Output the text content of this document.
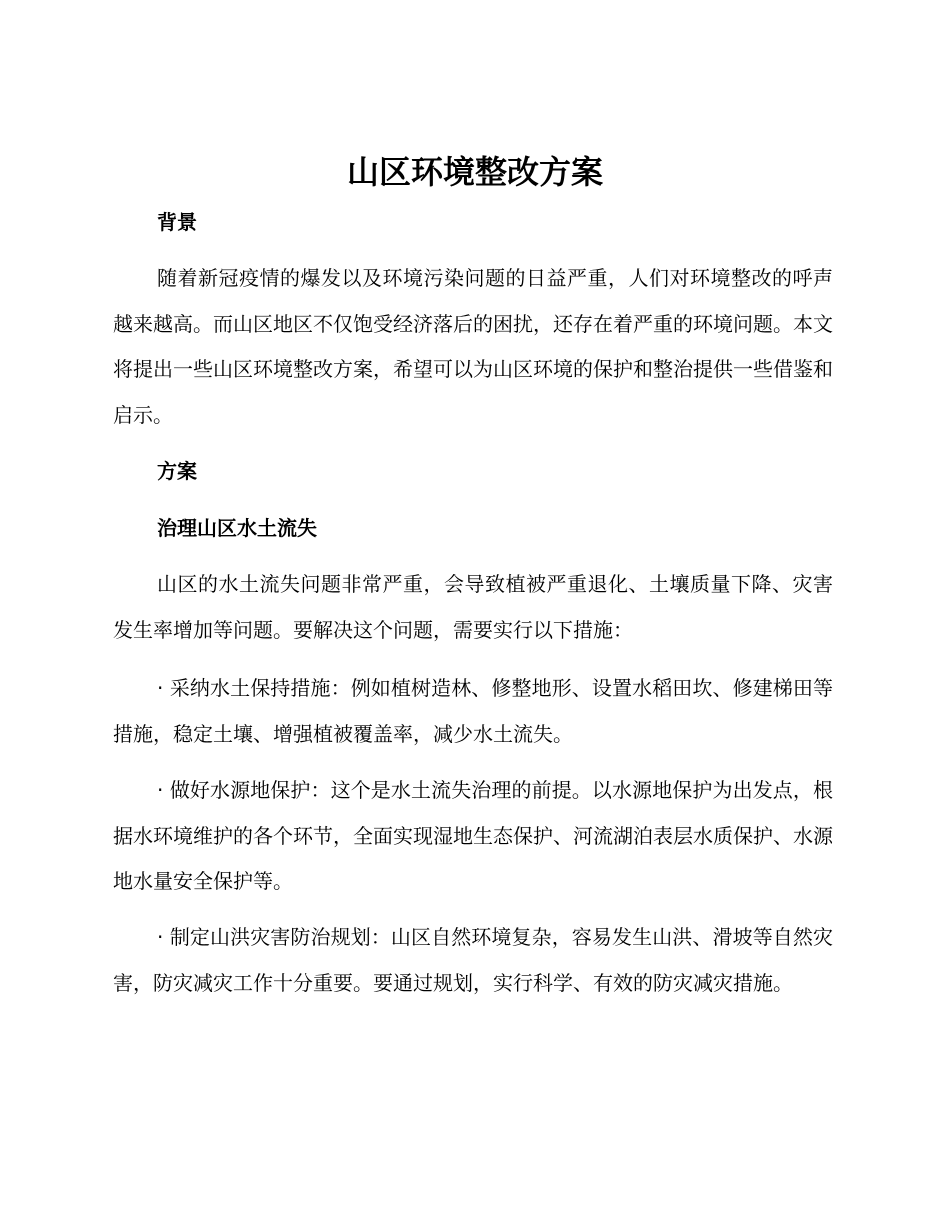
山区环境整改方案
背景
随着新冠疫情的爆发以及环境污染问题的日益严重，人们对环境整改的呼声越来越高。而山区地区不仅饱受经济落后的困扰，还存在着严重的环境问题。本文将提出一些山区环境整改方案，希望可以为山区环境的保护和整治提供一些借鉴和启示。
方案
治理山区水土流失
山区的水土流失问题非常严重，会导致植被严重退化、土壤质量下降、灾害发生率增加等问题。要解决这个问题，需要实行以下措施：
· 采纳水土保持措施：例如植树造林、修整地形、设置水稻田坎、修建梯田等措施，稳定土壤、增强植被覆盖率，减少水土流失。
· 做好水源地保护：这个是水土流失治理的前提。以水源地保护为出发点，根据水环境维护的各个环节，全面实现湿地生态保护、河流湖泊表层水质保护、水源地水量安全保护等。
· 制定山洪灾害防治规划：山区自然环境复杂，容易发生山洪、滑坡等自然灾害，防灾减灾工作十分重要。要通过规划，实行科学、有效的防灾减灾措施。
